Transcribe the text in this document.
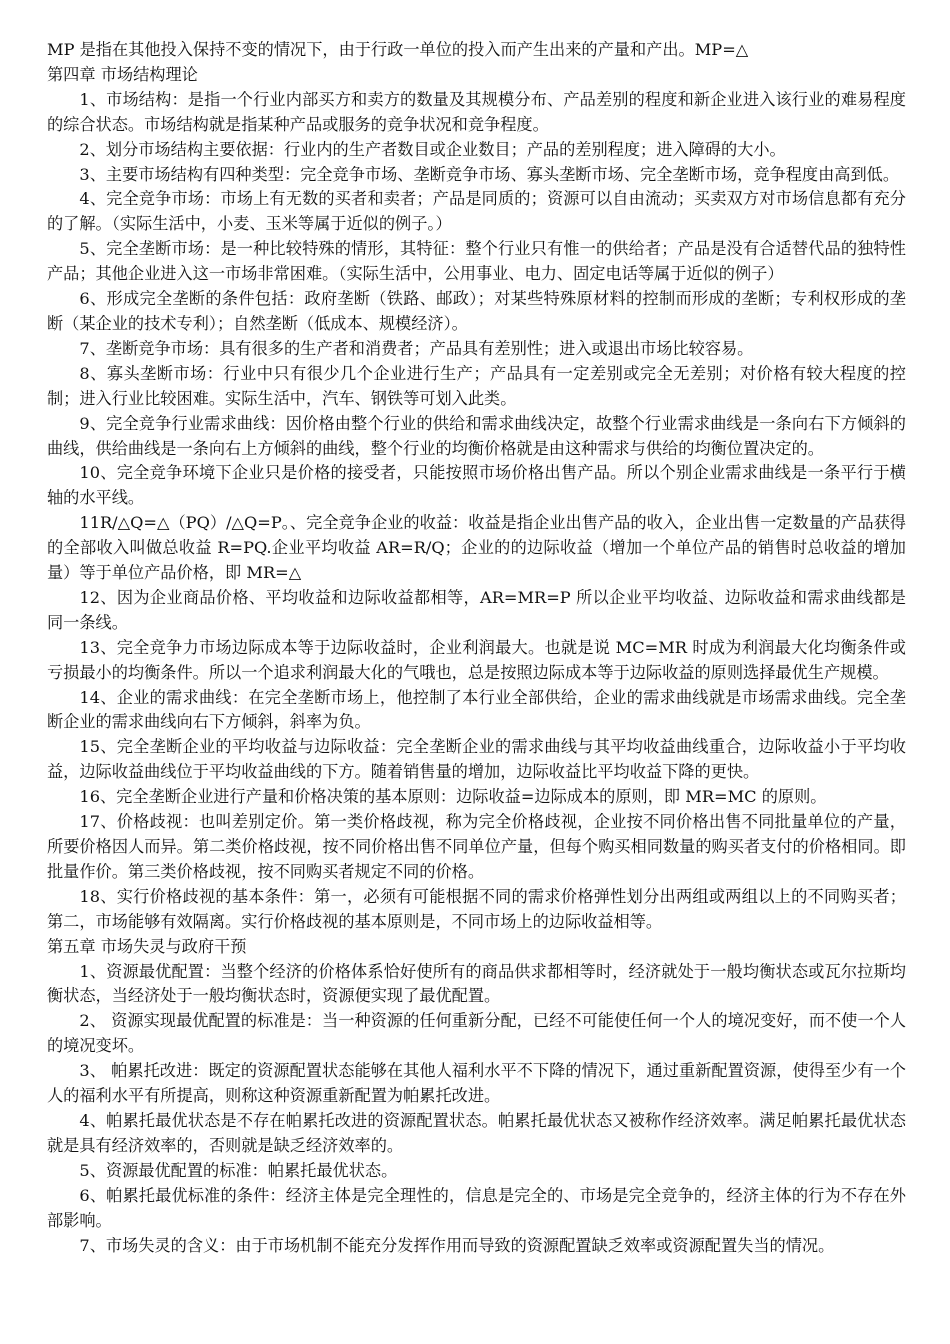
MP 是指在其他投入保持不变的情况下，由于行政一单位的投入而产生出来的产量和产出。MP=△

第四章 市场结构理论

1、市场结构：是指一个行业内部买方和卖方的数量及其规模分布、产品差别的程度和新企业进入该行业的难易程度的综合状态。市场结构就是指某种产品或服务的竞争状况和竞争程度。

2、划分市场结构主要依据：行业内的生产者数目或企业数目；产品的差别程度；进入障碍的大小。

3、主要市场结构有四种类型：完全竞争市场、垄断竞争市场、寡头垄断市场、完全垄断市场，竞争程度由高到低。

4、完全竞争市场：市场上有无数的买者和卖者；产品是同质的；资源可以自由流动；买卖双方对市场信息都有充分的了解。（实际生活中，小麦、玉米等属于近似的例子。）

5、完全垄断市场：是一种比较特殊的情形，其特征：整个行业只有惟一的供给者；产品是没有合适替代品的独特性产品；其他企业进入这一市场非常困难。（实际生活中，公用事业、电力、固定电话等属于近似的例子）

6、形成完全垄断的条件包括：政府垄断（铁路、邮政）；对某些特殊原材料的控制而形成的垄断；专利权形成的垄断（某企业的技术专利）；自然垄断（低成本、规模经济）。

7、垄断竞争市场：具有很多的生产者和消费者；产品具有差别性；进入或退出市场比较容易。

8、寡头垄断市场：行业中只有很少几个企业进行生产；产品具有一定差别或完全无差别；对价格有较大程度的控制；进入行业比较困难。实际生活中，汽车、钢铁等可划入此类。

9、完全竞争行业需求曲线：因价格由整个行业的供给和需求曲线决定，故整个行业需求曲线是一条向右下方倾斜的曲线，供给曲线是一条向右上方倾斜的曲线，整个行业的均衡价格就是由这种需求与供给的均衡位置决定的。

10、完全竞争环境下企业只是价格的接受者，只能按照市场价格出售产品。所以个别企业需求曲线是一条平行于横轴的水平线。

11R/△Q=△（PQ）/△Q=P。、完全竞争企业的收益：收益是指企业出售产品的收入，企业出售一定数量的产品获得的全部收入叫做总收益 R=PQ.企业平均收益 AR=R/Q；企业的的边际收益（增加一个单位产品的销售时总收益的增加量）等于单位产品价格，即 MR=△

12、因为企业商品价格、平均收益和边际收益都相等，AR=MR=P 所以企业平均收益、边际收益和需求曲线都是同一条线。

13、完全竞争力市场边际成本等于边际收益时，企业利润最大。也就是说 MC=MR 时成为利润最大化均衡条件或亏损最小的均衡条件。所以一个追求利润最大化的气哦也，总是按照边际成本等于边际收益的原则选择最优生产规模。

14、企业的需求曲线：在完全垄断市场上，他控制了本行业全部供给，企业的需求曲线就是市场需求曲线。完全垄断企业的需求曲线向右下方倾斜，斜率为负。

15、完全垄断企业的平均收益与边际收益：完全垄断企业的需求曲线与其平均收益曲线重合，边际收益小于平均收益，边际收益曲线位于平均收益曲线的下方。随着销售量的增加，边际收益比平均收益下降的更快。

16、完全垄断企业进行产量和价格决策的基本原则：边际收益=边际成本的原则，即 MR=MC 的原则。

17、价格歧视：也叫差别定价。第一类价格歧视，称为完全价格歧视，企业按不同价格出售不同批量单位的产量，所要价格因人而异。第二类价格歧视，按不同价格出售不同单位产量，但每个购买相同数量的购买者支付的价格相同。即批量作价。第三类价格歧视，按不同购买者规定不同的价格。

18、实行价格歧视的基本条件：第一，必须有可能根据不同的需求价格弹性划分出两组或两组以上的不同购买者；第二，市场能够有效隔离。实行价格歧视的基本原则是，不同市场上的边际收益相等。

第五章 市场失灵与政府干预

1、资源最优配置：当整个经济的价格体系恰好使所有的商品供求都相等时，经济就处于一般均衡状态或瓦尔拉斯均衡状态，当经济处于一般均衡状态时，资源便实现了最优配置。

2、 资源实现最优配置的标准是：当一种资源的任何重新分配，已经不可能使任何一个人的境况变好，而不使一个人的境况变坏。

3、 帕累托改进：既定的资源配置状态能够在其他人福利水平不下降的情况下，通过重新配置资源，使得至少有一个人的福利水平有所提高，则称这种资源重新配置为帕累托改进。

4、帕累托最优状态是不存在帕累托改进的资源配置状态。帕累托最优状态又被称作经济效率。满足帕累托最优状态就是具有经济效率的，否则就是缺乏经济效率的。

5、资源最优配置的标准：帕累托最优状态。

6、帕累托最优标准的条件：经济主体是完全理性的，信息是完全的、市场是完全竞争的，经济主体的行为不存在外部影响。

7、市场失灵的含义：由于市场机制不能充分发挥作用而导致的资源配置缺乏效率或资源配置失当的情况。
